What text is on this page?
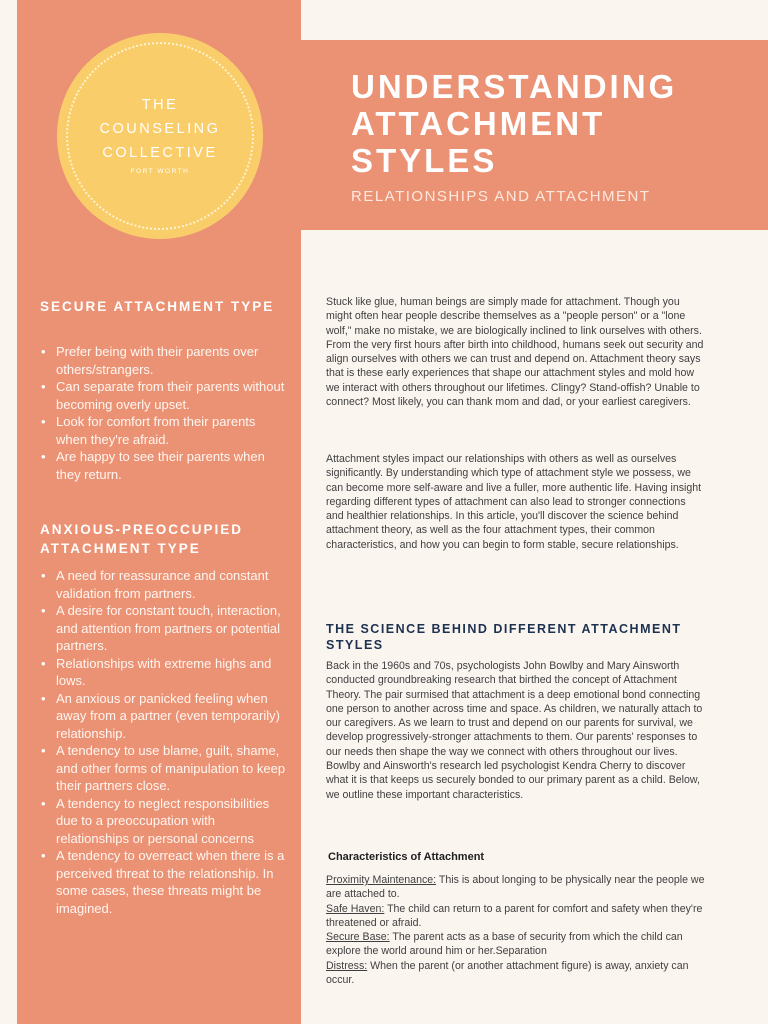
THE
COUNSELING
COLLECTIVE
FORT WORTH
UNDERSTANDING
ATTACHMENT
STYLES

RELATIONSHIPS AND ATTACHMENT

SECURE ATTACHMENT TYPE
• Prefer being with their parents over others/strangers.
• Can separate from their parents without becoming overly upset.
• Look for comfort from their parents when they're afraid.
• Are happy to see their parents when they return.
ANXIOUS-PREOCCUPIED ATTACHMENT TYPE
• A need for reassurance and constant validation from partners.
• A desire for constant touch, interaction, and attention from partners or potential partners.
• Relationships with extreme highs and lows.
• An anxious or panicked feeling when away from a partner (even temporarily) relationship.
• A tendency to use blame, guilt, shame, and other forms of manipulation to keep their partners close.
• A tendency to neglect responsibilities due to a preoccupation with relationships or personal concerns
• A tendency to overreact when there is a perceived threat to the relationship. In some cases, these threats might be imagined.

Stuck like glue, human beings are simply made for attachment. Though you might often hear people describe themselves as a "people person" or a "lone wolf," make no mistake, we are biologically inclined to link ourselves with others. From the very first hours after birth into childhood, humans seek out security and align ourselves with others we can trust and depend on. Attachment theory says that is these early experiences that shape our attachment styles and mold how we interact with others throughout our lifetimes. Clingy? Stand-offish? Unable to connect? Most likely, you can thank mom and dad, or your earliest caregivers.

Attachment styles impact our relationships with others as well as ourselves significantly. By understanding which type of attachment style we possess, we can become more self-aware and live a fuller, more authentic life. Having insight regarding different types of attachment can also lead to stronger connections and healthier relationships. In this article, you'll discover the science behind attachment theory, as well as the four attachment types, their common characteristics, and how you can begin to form stable, secure relationships.

THE SCIENCE BEHIND DIFFERENT ATTACHMENT STYLES

Back in the 1960s and 70s, psychologists John Bowlby and Mary Ainsworth conducted groundbreaking research that birthed the concept of Attachment Theory. The pair surmised that attachment is a deep emotional bond connecting one person to another across time and space. As children, we naturally attach to our caregivers. As we learn to trust and depend on our parents for survival, we develop progressively-stronger attachments to them. Our parents' responses to our needs then shape the way we connect with others throughout our lives. Bowlby and Ainsworth's research led psychologist Kendra Cherry to discover what it is that keeps us securely bonded to our primary parent as a child. Below, we outline these important characteristics.

Characteristics of Attachment
Proximity Maintenance: This is about longing to be physically near the people we are attached to.
Safe Haven: The child can return to a parent for comfort and safety when they're threatened or afraid.
Secure Base: The parent acts as a base of security from which the child can explore the world around him or her.Separation
Distress: When the parent (or another attachment figure) is away, anxiety can occur.
